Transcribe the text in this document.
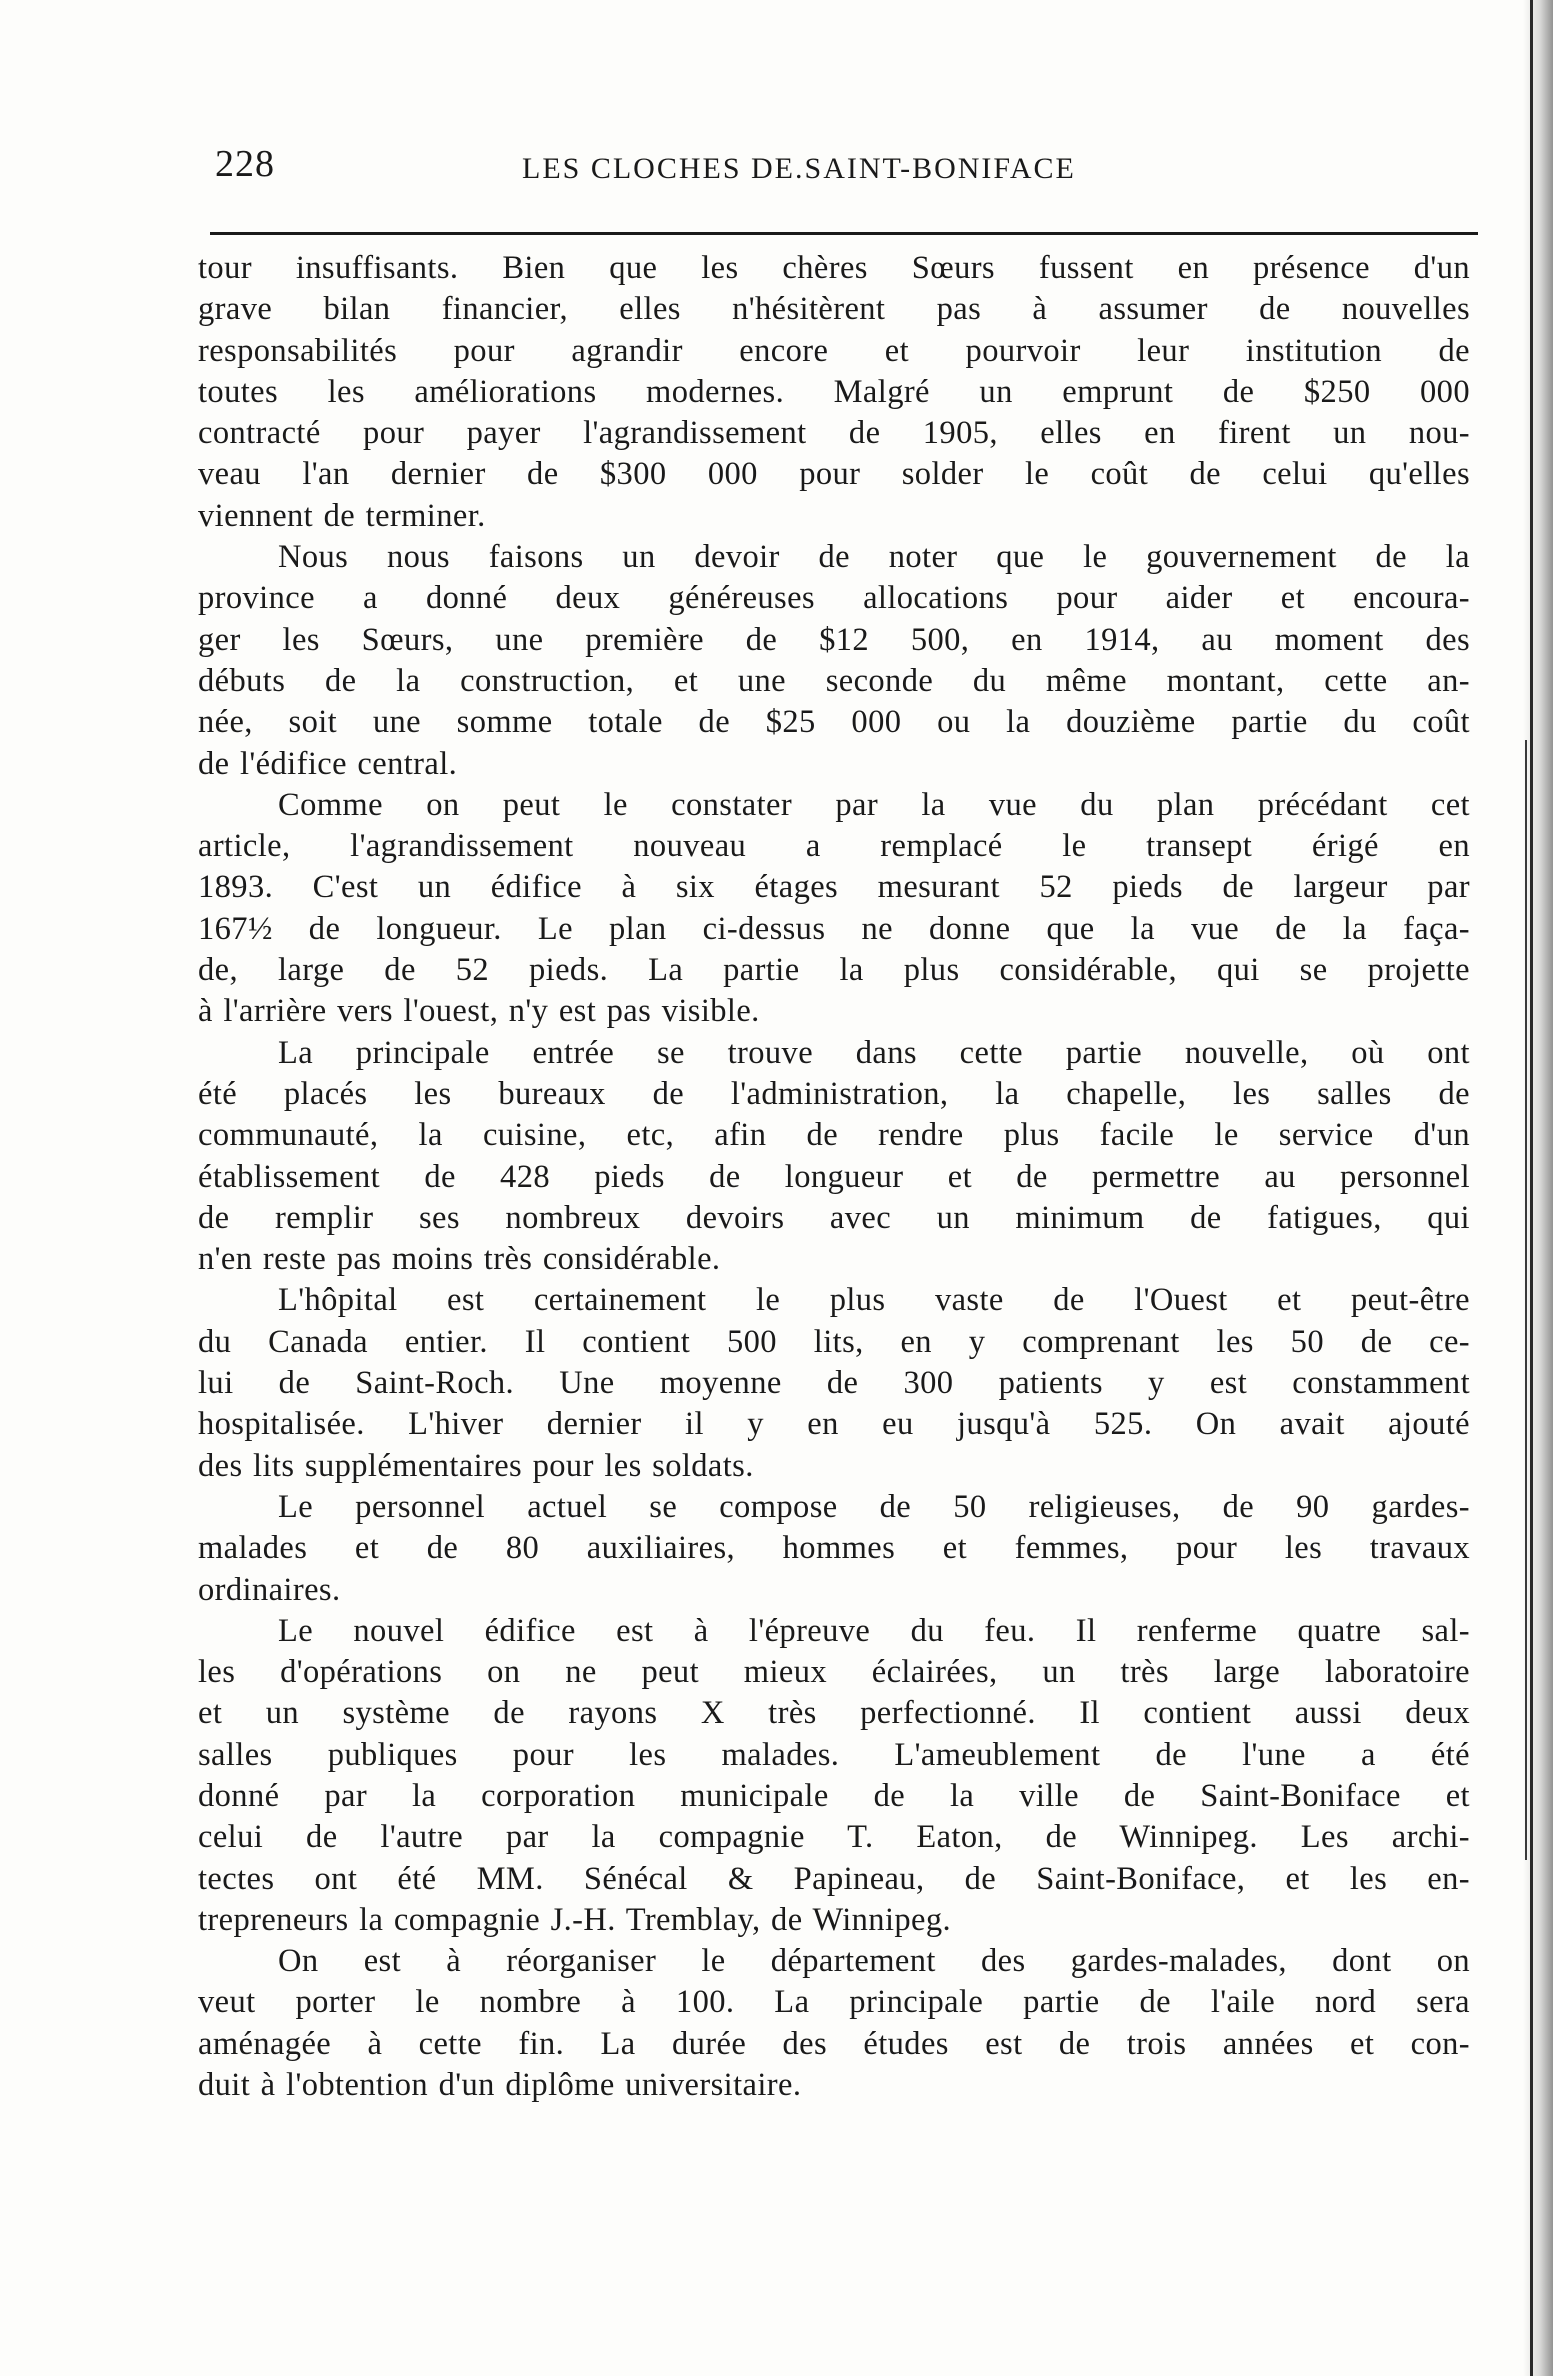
228	LES CLOCHES DE.SAINT-BONIFACE
tour insuffisants. Bien que les chères Sœurs fussent en présence d'un
grave bilan financier, elles n'hésitèrent pas à assumer de nouvelles
responsabilités pour agrandir encore et pourvoir leur institution de
toutes les améliorations modernes. Malgré un emprunt de $250 000
contracté pour payer l'agrandissement de 1905, elles en firent un nou-
veau l'an dernier de $300 000 pour solder le coût de celui qu'elles
viennent de terminer.
Nous nous faisons un devoir de noter que le gouvernement de la
province a donné deux généreuses allocations pour aider et encoura-
ger les Sœurs, une première de $12 500, en 1914, au moment des
débuts de la construction, et une seconde du même montant, cette an-
née, soit une somme totale de $25 000 ou la douzième partie du coût
de l'édifice central.
Comme on peut le constater par la vue du plan précédant cet
article, l'agrandissement nouveau a remplacé le transept érigé en
1893. C'est un édifice à six étages mesurant 52 pieds de largeur par
167½ de longueur. Le plan ci-dessus ne donne que la vue de la faça-
de, large de 52 pieds. La partie la plus considérable, qui se projette
à l'arrière vers l'ouest, n'y est pas visible.
La principale entrée se trouve dans cette partie nouvelle, où ont
été placés les bureaux de l'administration, la chapelle, les salles de
communauté, la cuisine, etc, afin de rendre plus facile le service d'un
établissement de 428 pieds de longueur et de permettre au personnel
de remplir ses nombreux devoirs avec un minimum de fatigues, qui
n'en reste pas moins très considérable.
L'hôpital est certainement le plus vaste de l'Ouest et peut-être
du Canada entier. Il contient 500 lits, en y comprenant les 50 de ce-
lui de Saint-Roch. Une moyenne de 300 patients y est constamment
hospitalisée. L'hiver dernier il y en eu jusqu'à 525. On avait ajouté
des lits supplémentaires pour les soldats.
Le personnel actuel se compose de 50 religieuses, de 90 gardes-
malades et de 80 auxiliaires, hommes et femmes, pour les travaux
ordinaires.
Le nouvel édifice est à l'épreuve du feu. Il renferme quatre sal-
les d'opérations on ne peut mieux éclairées, un très large laboratoire
et un système de rayons X très perfectionné. Il contient aussi deux
salles publiques pour les malades. L'ameublement de l'une a été
donné par la corporation municipale de la ville de Saint-Boniface et
celui de l'autre par la compagnie T. Eaton, de Winnipeg. Les archi-
tectes ont été MM. Sénécal & Papineau, de Saint-Boniface, et les en-
trepreneurs la compagnie J.-H. Tremblay, de Winnipeg.
On est à réorganiser le département des gardes-malades, dont on
veut porter le nombre à 100. La principale partie de l'aile nord sera
aménagée à cette fin. La durée des études est de trois années et con-
duit à l'obtention d'un diplôme universitaire.
